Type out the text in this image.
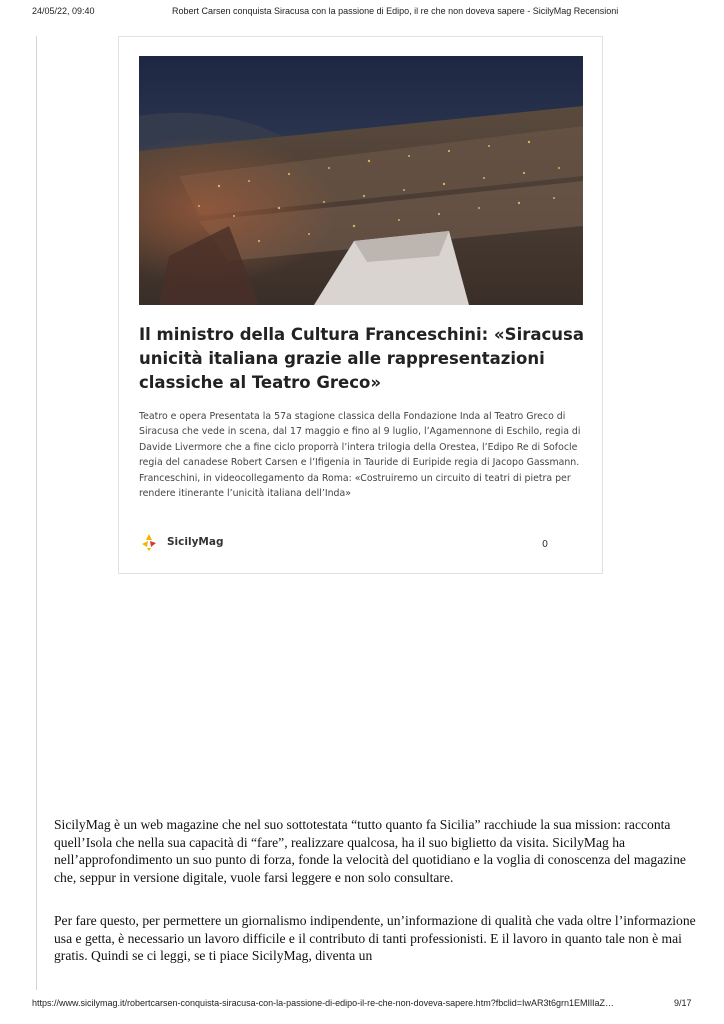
24/05/22, 09:40	Robert Carsen conquista Siracusa con la passione di Edipo, il re che non doveva sapere - SicilyMag Recensioni
Il ministro della Cultura Franceschini: «Siracusa unicità italiana grazie alle rappresentazioni classiche al Teatro Greco»
Teatro e opera Presentata la 57a stagione classica della Fondazione Inda al Teatro Greco di Siracusa che vede in scena, dal 17 maggio e fino al 9 luglio, l’Agamennone di Eschilo, regia di Davide Livermore che a fine ciclo proporrà l’intera trilogia della Orestea, l’Edipo Re di Sofocle regia del canadese Robert Carsen e l’Ifigenia in Tauride di Euripide regia di Jacopo Gassmann. Franceschini, in videocollegamento da Roma: «Costruiremo un circuito di teatri di pietra per rendere itinerante l’unicità italiana dell’Inda»
SicilyMag	0
SicilyMag è un web magazine che nel suo sottotestata “tutto quanto fa Sicilia” racchiude la sua mission: racconta quell’Isola che nella sua capacità di “fare”, realizzare qualcosa, ha il suo biglietto da visita. SicilyMag ha nell’approfondimento un suo punto di forza, fonde la velocità del quotidiano e la voglia di conoscenza del magazine che, seppur in versione digitale, vuole farsi leggere e non solo consultare.
Per fare questo, per permettere un giornalismo indipendente, un’informazione di qualità che vada oltre l’informazione usa e getta, è necessario un lavoro difficile e il contributo di tanti professionisti. E il lavoro in quanto tale non è mai gratis. Quindi se ci leggi, se ti piace SicilyMag, diventa un
https://www.sicilymag.it/robertcarsen-conquista-siracusa-con-la-passione-di-edipo-il-re-che-non-doveva-sapere.htm?fbclid=IwAR3t6grn1EMIlIaZ…	9/17
